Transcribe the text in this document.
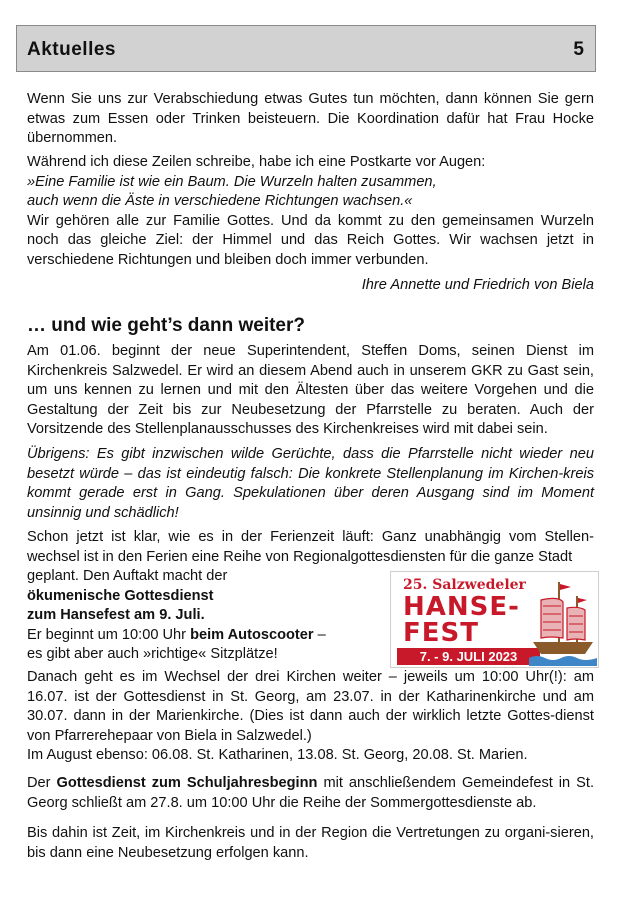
Aktuelles	5

Wenn Sie uns zur Verabschiedung etwas Gutes tun möchten, dann können Sie gern etwas zum Essen oder Trinken beisteuern. Die Koordination dafür hat Frau Hocke übernommen.

Während ich diese Zeilen schreibe, habe ich eine Postkarte vor Augen:

»Eine Familie ist wie ein Baum. Die Wurzeln halten zusammen,

auch wenn die Äste in verschiedene Richtungen wachsen.«

Wir gehören alle zur Familie Gottes. Und da kommt zu den gemeinsamen Wurzeln noch das gleiche Ziel: der Himmel und das Reich Gottes. Wir wachsen jetzt in verschiedene Richtungen und bleiben doch immer verbunden.

Ihre Annette und Friedrich von Biela
… und wie geht’s dann weiter?

Am 01.06. beginnt der neue Superintendent, Steffen Doms, seinen Dienst im Kirchenkreis Salzwedel. Er wird an diesem Abend auch in unserem GKR zu Gast sein, um uns kennen zu lernen und mit den Ältesten über das weitere Vorgehen und die Gestaltung der Zeit bis zur Neubesetzung der Pfarrstelle zu beraten. Auch der Vorsitzende des Stellenplanausschusses des Kirchenkreises wird mit dabei sein.

Übrigens: Es gibt inzwischen wilde Gerüchte, dass die Pfarrstelle nicht wieder neu besetzt würde – das ist eindeutig falsch: Die konkrete Stellenplanung im Kirchen-kreis kommt gerade erst in Gang. Spekulationen über deren Ausgang sind im Moment unsinnig und schädlich!

Schon jetzt ist klar, wie es in der Ferienzeit läuft: Ganz unabhängig vom Stellen-wechsel ist in den Ferien eine Reihe von Regionalgottesdiensten für die ganze Stadt

geplant. Den Auftakt macht der

ökumenische Gottesdienst

zum Hansefest am 9. Juli.

Er beginnt um 10:00 Uhr beim Autoscooter –

es gibt aber auch »richtige« Sitzplätze!

25. Salzwedeler
HANSE-
FEST
7. - 9. JULI 2023

Danach geht es im Wechsel der drei Kirchen weiter – jeweils um 10:00 Uhr(!): am 16.07. ist der Gottesdienst in St. Georg, am 23.07. in der Katharinenkirche und am 30.07. dann in der Marienkirche. (Dies ist dann auch der wirklich letzte Gottes-dienst von Pfarrerehepaar von Biela in Salzwedel.)

Im August ebenso: 06.08. St. Katharinen, 13.08. St. Georg, 20.08. St. Marien.

Der Gottesdienst zum Schuljahresbeginn mit anschließendem Gemeindefest in St. Georg schließt am 27.8. um 10:00 Uhr die Reihe der Sommergottesdienste ab.

Bis dahin ist Zeit, im Kirchenkreis und in der Region die Vertretungen zu organi-sieren, bis dann eine Neubesetzung erfolgen kann.
